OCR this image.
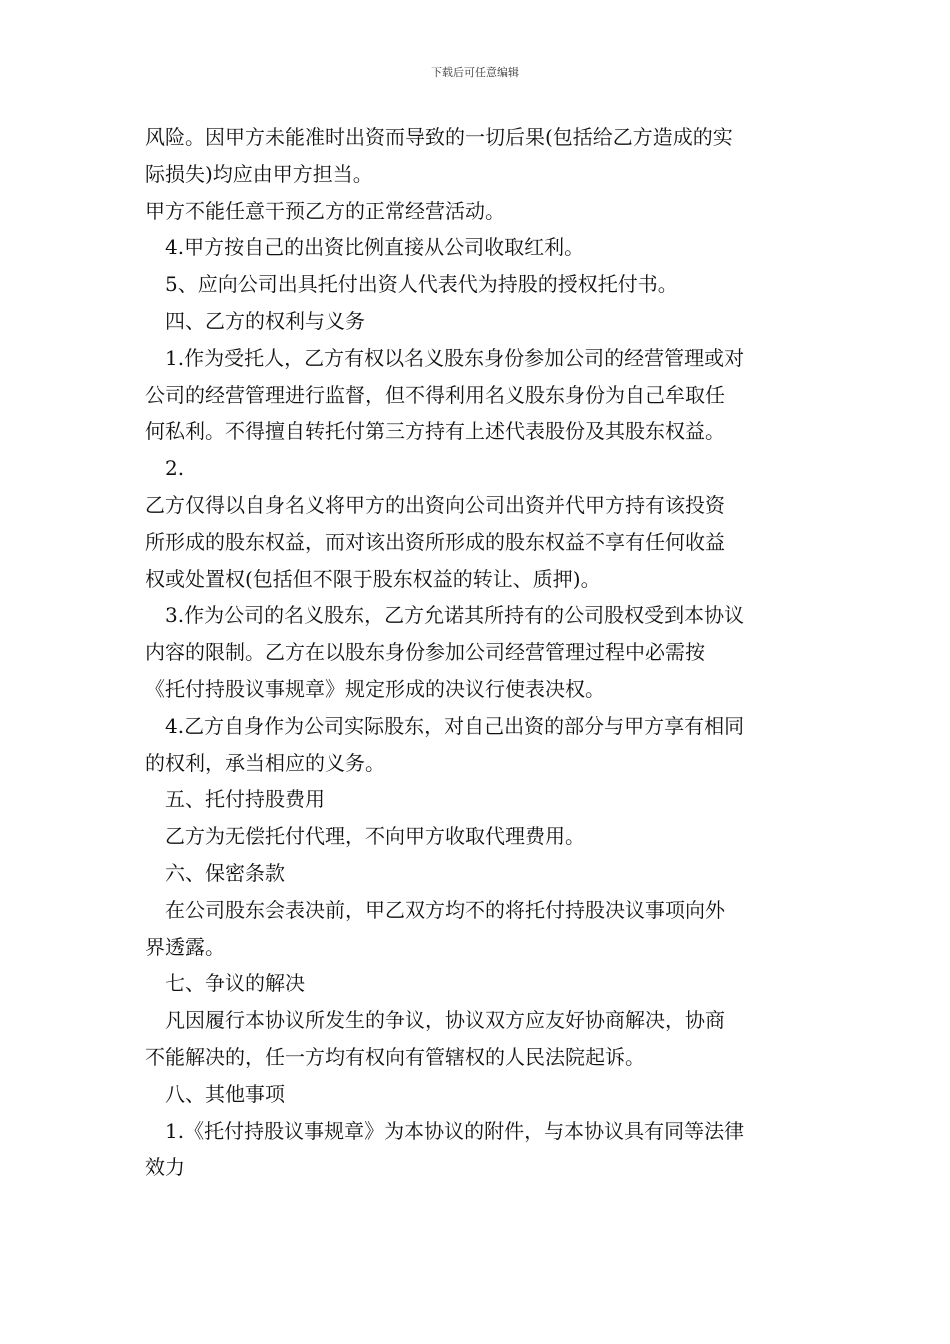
下载后可任意编辑
风险。因甲方未能准时出资而导致的一切后果(包括给乙方造成的实
际损失)均应由甲方担当。
甲方不能任意干预乙方的正常经营活动。
4.甲方按自己的出资比例直接从公司收取红利。
5、应向公司出具托付出资人代表代为持股的授权托付书。
四、乙方的权利与义务
1.作为受托人，乙方有权以名义股东身份参加公司的经营管理或对
公司的经营管理进行监督，但不得利用名义股东身份为自己牟取任
何私利。不得擅自转托付第三方持有上述代表股份及其股东权益。
2.
乙方仅得以自身名义将甲方的出资向公司出资并代甲方持有该投资
所形成的股东权益，而对该出资所形成的股东权益不享有任何收益
权或处置权(包括但不限于股东权益的转让、质押)。
3.作为公司的名义股东，乙方允诺其所持有的公司股权受到本协议
内容的限制。乙方在以股东身份参加公司经营管理过程中必需按
《托付持股议事规章》规定形成的决议行使表决权。
4.乙方自身作为公司实际股东，对自己出资的部分与甲方享有相同
的权利，承当相应的义务。
五、托付持股费用
乙方为无偿托付代理，不向甲方收取代理费用。
六、保密条款
在公司股东会表决前，甲乙双方均不的将托付持股决议事项向外
界透露。
七、争议的解决
凡因履行本协议所发生的争议，协议双方应友好协商解决，协商
不能解决的，任一方均有权向有管辖权的人民法院起诉。
八、其他事项
1.《托付持股议事规章》为本协议的附件，与本协议具有同等法律
效力
